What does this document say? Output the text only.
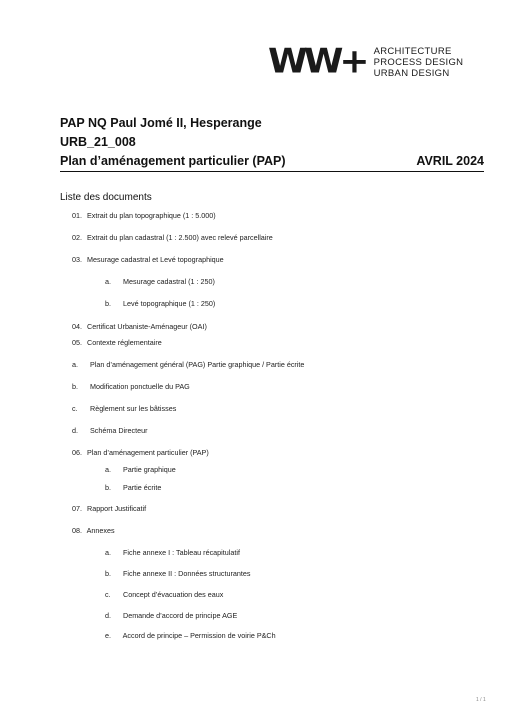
WW+ ARCHITECTURE
PROCESS DESIGN
URBAN DESIGN
PAP NQ Paul Jomé II, Hesperange
URB_21_008
Plan d’aménagement particulier (PAP)	AVRIL 2024
Liste des documents
01. Extrait du plan topographique (1 : 5.000)
02. Extrait du plan cadastral (1 : 2.500) avec relevé parcellaire
03. Mesurage cadastral et Levé topographique
a. Mesurage cadastral (1 : 250)
b. Levé topographique (1 : 250)
04. Certificat Urbaniste-Aménageur (OAI)
05. Contexte réglementaire
a. Plan d’aménagement général (PAG) Partie graphique / Partie écrite
b. Modification ponctuelle du PAG
c. Règlement sur les bâtisses
d. Schéma Directeur
06. Plan d’aménagement particulier (PAP)
a. Partie graphique
b. Partie écrite
07. Rapport Justificatif
08. Annexes
a. Fiche annexe I : Tableau récapitulatif
b. Fiche annexe II : Données structurantes
c. Concept d’évacuation des eaux
d. Demande d’accord de principe AGE
e. Accord de principe – Permission de voirie P&Ch
1 / 1
